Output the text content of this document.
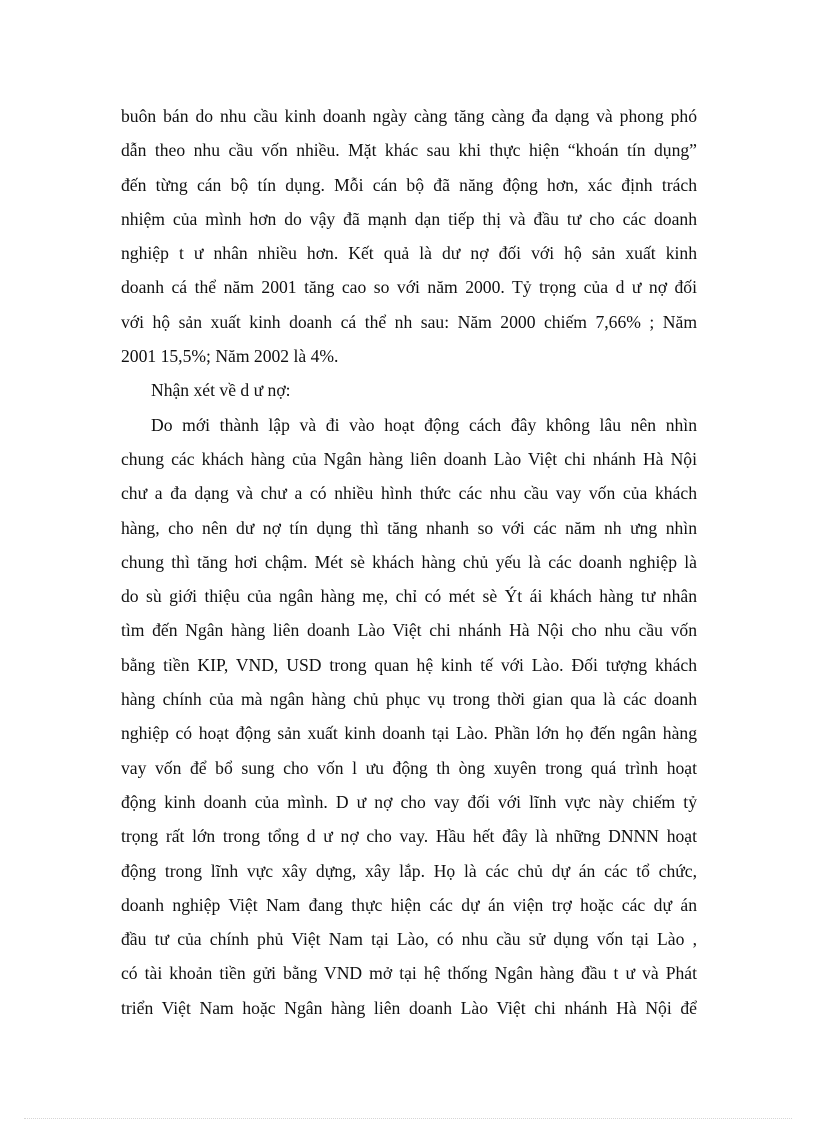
buôn bán do nhu cầu kinh doanh ngày càng tăng càng đa dạng và phong phó
dẫn theo nhu cầu vốn nhiều. Mặt khác sau khi thực hiện “khoán tín dụng”
đến từng cán bộ tín dụng. Mỗi cán bộ đã năng động hơn, xác định trách
nhiệm của mình hơn do vậy đã mạnh dạn tiếp thị và đầu tư cho các doanh
nghiệp t ư nhân nhiều hơn. Kết quả là dư nợ đối với hộ sản xuất kinh
doanh cá thể năm 2001 tăng cao so với năm 2000. Tỷ trọng của d ư nợ đối
với hộ sản xuất kinh doanh cá thể nh sau: Năm 2000 chiếm 7,66% ; Năm
2001 15,5%; Năm 2002 là 4%.
Nhận xét về d ư nợ:
Do mới thành lập và đi vào hoạt động cách đây không lâu nên nhìn
chung các khách hàng của Ngân hàng liên doanh Lào Việt chi nhánh Hà Nội
chư a đa dạng và chư a có nhiều hình thức các nhu cầu vay vốn của khách
hàng, cho nên dư nợ tín dụng thì tăng nhanh so với các năm nh ưng nhìn
chung thì tăng hơi chậm. Mét sè khách hàng chủ yếu là các doanh nghiệp là
do sù giới thiệu của ngân hàng mẹ, chỉ có mét sè Ýt ái khách hàng tư nhân
tìm đến Ngân hàng liên doanh Lào Việt chi nhánh Hà Nội cho nhu cầu vốn
bằng tiền KIP, VND, USD trong quan hệ kinh tế với Lào. Đối tượng khách
hàng chính của mà ngân hàng chủ phục vụ trong thời gian qua là các doanh
nghiệp có hoạt động sản xuất kinh doanh tại Lào. Phần lớn họ đến ngân hàng
vay vốn để bổ sung cho vốn l ưu động th òng xuyên trong quá trình hoạt
động kinh doanh của mình. D ư nợ cho vay đối với lĩnh vực này chiếm tỷ
trọng rất lớn trong tổng d ư nợ cho vay. Hầu hết đây là những DNNN hoạt
động trong lĩnh vực xây dựng, xây lắp. Họ là các chủ dự án các tổ chức,
doanh nghiệp Việt Nam đang thực hiện các dự án viện trợ hoặc các dự án
đầu tư của chính phủ Việt Nam tại Lào, có nhu cầu sử dụng vốn tại Lào ,
có tài khoản tiền gửi bằng VND mở tại hệ thống Ngân hàng đầu t ư và Phát
triển Việt Nam hoặc Ngân hàng liên doanh Lào Việt chi nhánh Hà Nội để
